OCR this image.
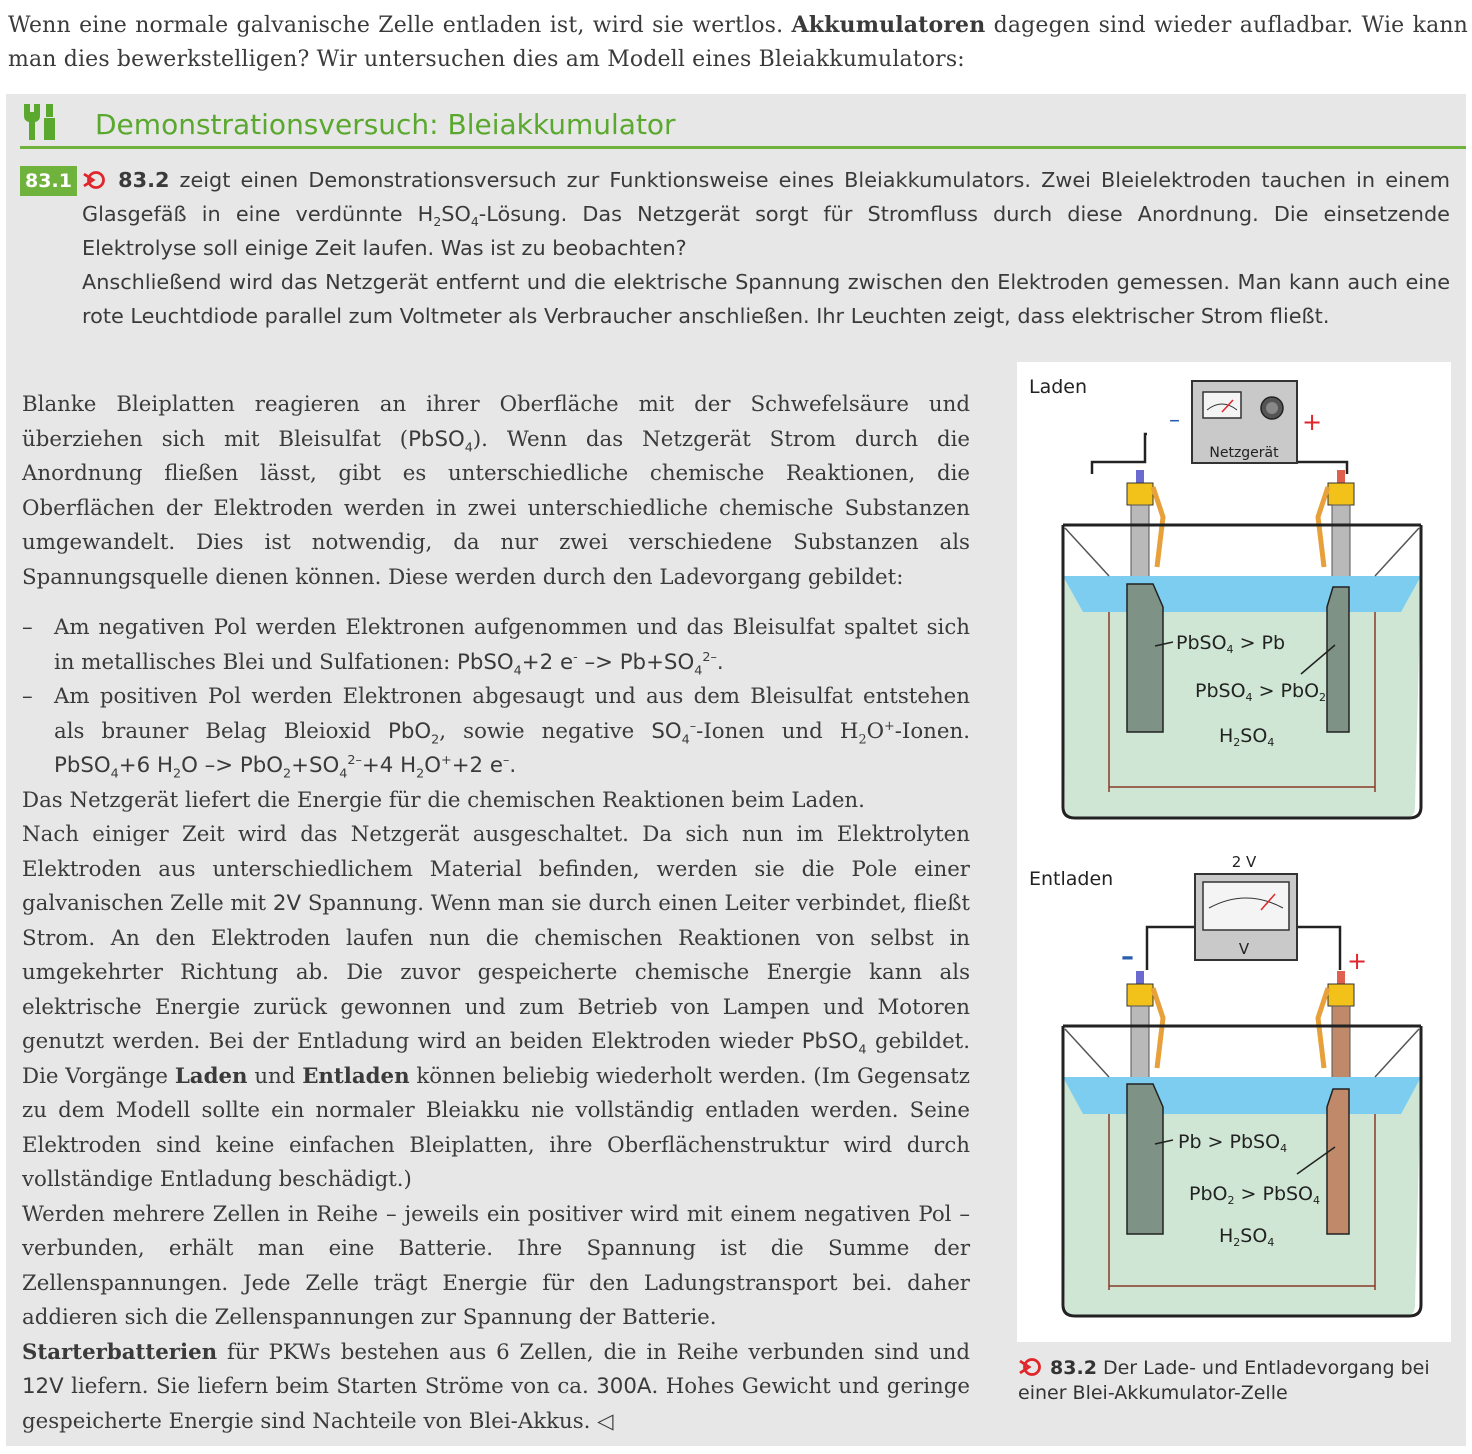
Wenn eine normale galvanische Zelle entladen ist, wird sie wertlos. Akkumulatoren dagegen sind wieder aufladbar. Wie kann man dies bewerkstelligen? Wir untersuchen dies am Modell eines Bleiakkumulators:
Demonstrationsversuch: Bleiakkumulator
83.1	83.2 zeigt einen Demonstrationsversuch zur Funktionsweise eines Bleiakkumulators. Zwei Bleielektroden tauchen in einem Glasgefäß in eine verdünnte $H_2SO_4$-Lösung. Das Netzgerät sorgt für Stromfluss durch diese Anordnung. Die einsetzende Elektrolyse soll einige Zeit laufen. Was ist zu beobachten?

Anschließend wird das Netzgerät entfernt und die elektrische Spannung zwischen den Elektroden gemessen. Man kann auch eine rote Leuchtdiode parallel zum Voltmeter als Verbraucher anschließen. Ihr Leuchten zeigt, dass elektrischer Strom fließt.

Blanke Bleiplatten reagieren an ihrer Oberfläche mit der Schwefelsäure und überziehen sich mit Bleisulfat (PbSO$_4$). Wenn das Netzgerät Strom durch die Anordnung fließen lässt, gibt es unterschiedliche chemische Reaktionen, die Oberflächen der Elektroden werden in zwei unterschiedliche chemische Substanzen umgewandelt. Dies ist notwendig, da nur zwei verschiedene Substanzen als Spannungsquelle dienen können. Diese werden durch den Ladevorgang gebildet:

– Am negativen Pol werden Elektronen aufgenommen und das Bleisulfat spaltet sich in metallisches Blei und Sulfationen: PbSO$_4$+2 $e^- -> Pb+SO_4^{2-}$.

– Am positiven Pol werden Elektronen abgesaugt und aus dem Bleisulfat entstehen als brauner Belag Bleioxid PbO$_2$, sowie negative $SO_4^-$-Ionen und $H_2O^+$-Ionen. PbSO$_4$+6 $H_2O -> PbO_2+SO_4^{2-}+4$ $H_2O^++2$ e–.

Das Netzgerät liefert die Energie für die chemischen Reaktionen beim Laden.

Nach einiger Zeit wird das Netzgerät ausgeschaltet. Da sich nun im Elektrolyten Elektroden aus unterschiedlichem Material befinden, werden sie die Pole einer galvanischen Zelle mit 2V Spannung. Wenn man sie durch einen Leiter verbindet, fließt Strom. An den Elektroden laufen nun die chemischen Reaktionen von selbst in umgekehrter Richtung ab. Die zuvor gespeicherte chemische Energie kann als elektrische Energie zurück gewonnen und zum Betrieb von Lampen und Motoren genutzt werden. Bei der Entladung wird an beiden Elektroden wieder PbSO$_4$ gebildet. Die Vorgänge Laden und Entladen können beliebig wiederholt werden. (Im Gegensatz zu dem Modell sollte ein normaler Bleiakku nie vollständig entladen werden. Seine Elektroden sind keine einfachen Bleiplatten, ihre Oberflächenstruktur wird durch vollständige Entladung beschädigt.)

Werden mehrere Zellen in Reihe – jeweils ein positiver wird mit einem negativen Pol – verbunden, erhält man eine Batterie. Ihre Spannung ist die Summe der Zellenspannungen. Jede Zelle trägt Energie für den Ladungstransport bei. daher addieren sich die Zellenspannungen zur Spannung der Batterie.

Starterbatterien für PKWs bestehen aus 6 Zellen, die in Reihe verbunden sind und 12V liefern. Sie liefern beim Starten Ströme von ca. 300A. Hohes Gewicht und geringe gespeicherte Energie sind Nachteile von Blei-Akkus. ◁

Laden
Netzgerät
–	+
PbSO$_4$ > Pb
PbSO$_4$ > PbO$_2$
$H_2SO_4$
Entladen
2 V
V
–	+
Pb > PbSO$_4$
PbO$_2$ > PbSO$_4$
$H_2SO_4$
83.2 Der Lade- und Entladevorgang bei einer Blei-Akkumulator-Zelle
